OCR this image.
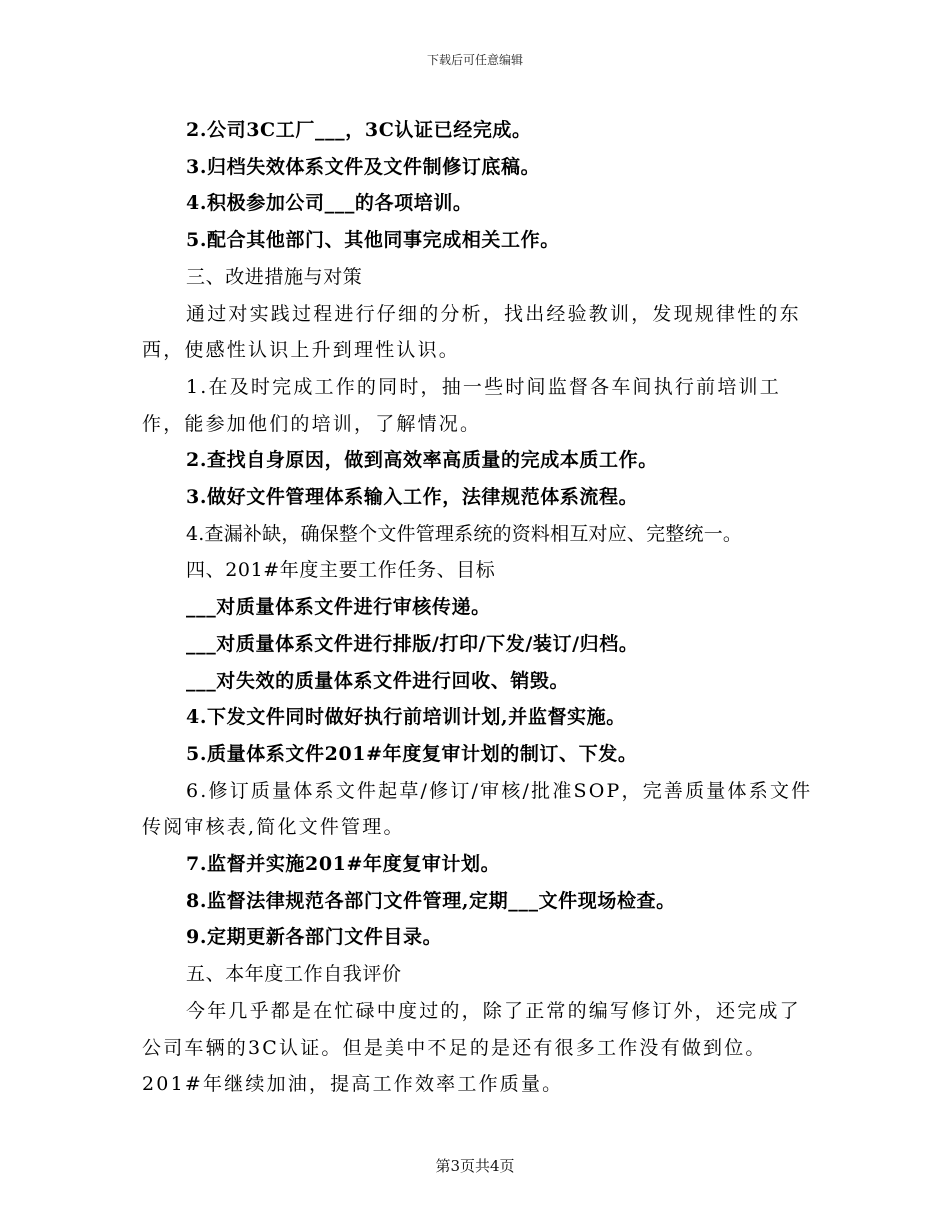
下载后可任意编辑
2.公司3C工厂___，3C认证已经完成。
3.归档失效体系文件及文件制修订底稿。
4.积极参加公司___的各项培训。
5.配合其他部门、其他同事完成相关工作。
三、改进措施与对策
通过对实践过程进行仔细的分析，找出经验教训，发现规律性的东西，使感性认识上升到理性认识。
1.在及时完成工作的同时，抽一些时间监督各车间执行前培训工作，能参加他们的培训，了解情况。
2.查找自身原因，做到高效率高质量的完成本质工作。
3.做好文件管理体系输入工作，法律规范体系流程。
4.查漏补缺，确保整个文件管理系统的资料相互对应、完整统一。
四、201#年度主要工作任务、目标
___对质量体系文件进行审核传递。
___对质量体系文件进行排版/打印/下发/装订/归档。
___对失效的质量体系文件进行回收、销毁。
4.下发文件同时做好执行前培训计划,并监督实施。
5.质量体系文件201#年度复审计划的制订、下发。
6.修订质量体系文件起草/修订/审核/批准SOP，完善质量体系文件传阅审核表,简化文件管理。
7.监督并实施201#年度复审计划。
8.监督法律规范各部门文件管理,定期___文件现场检查。
9.定期更新各部门文件目录。
五、本年度工作自我评价
今年几乎都是在忙碌中度过的，除了正常的编写修订外，还完成了公司车辆的3C认证。但是美中不足的是还有很多工作没有做到位。201#年继续加油，提高工作效率工作质量。
第3页共4页
